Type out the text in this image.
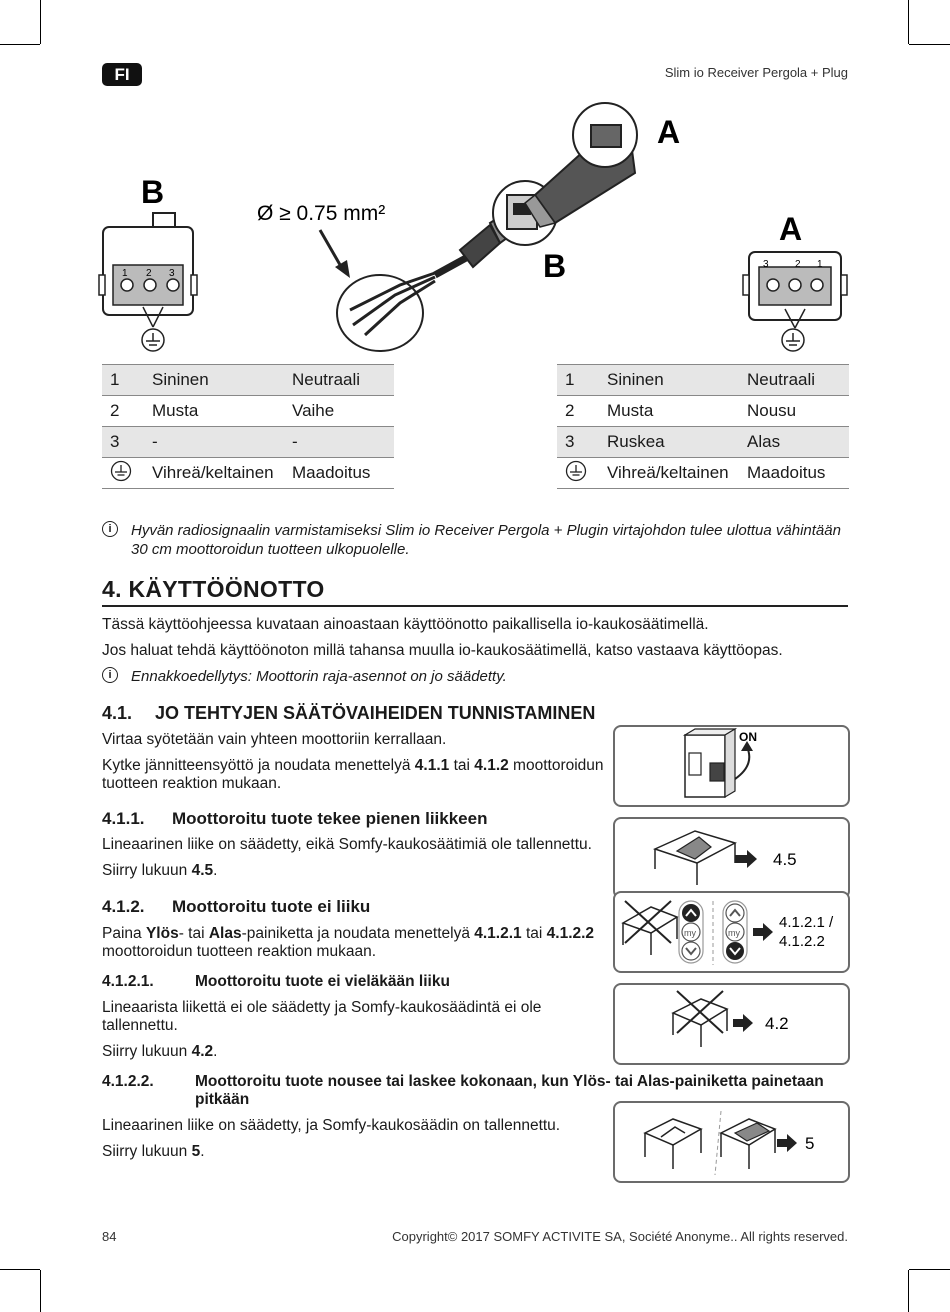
FI	Slim io Receiver Pergola + Plug
B
1 2 3
Ø ≥ 0.75 mm²
B
A
A
3	2 1
1	Sininen	Neutraali
2	Musta	Vaihe
3	-	-
	Vihreä/keltainen	Maadoitus
1	Sininen	Neutraali
2	Musta	Nousu
3	Ruskea	Alas
	Vihreä/keltainen	Maadoitus
i	Hyvän radiosignaalin varmistamiseksi Slim io Receiver Pergola + Plugin virtajohdon tulee ulottua vähintään
30 cm moottoroidun tuotteen ulkopuolelle.
4. KÄYTTÖÖNOTTO
Tässä käyttöohjeessa kuvataan ainoastaan käyttöönotto paikallisella io-kaukosäätimellä.
Jos haluat tehdä käyttöönoton millä tahansa muulla io-kaukosäätimellä, katso vastaava käyttöopas.
i	Ennakkoedellytys: Moottorin raja-asennot on jo säädetty.
4.1. JO TEHTYJEN SÄÄTÖVAIHEIDEN TUNNISTAMINEN
Virtaa syötetään vain yhteen moottoriin kerrallaan.
Kytke jännitteensyöttö ja noudata menettelyä 4.1.1 tai 4.1.2 moottoroidun
tuotteen reaktion mukaan.
4.1.1. Moottoroitu tuote tekee pienen liikkeen
Lineaarinen liike on säädetty, eikä Somfy-kaukosäätimiä ole tallennettu.
Siirry lukuun 4.5.
4.1.2. Moottoroitu tuote ei liiku
Paina Ylös- tai Alas-painiketta ja noudata menettelyä 4.1.2.1 tai 4.1.2.2
moottoroidun tuotteen reaktion mukaan.
4.1.2.1.	Moottoroitu tuote ei vieläkään liiku
Lineaarista liikettä ei ole säädetty ja Somfy-kaukosäädintä ei ole
tallennettu.
Siirry lukuun 4.2.
4.1.2.2.	Moottoroitu tuote nousee tai laskee kokonaan, kun Ylös- tai Alas-painiketta painetaan
pitkään
Lineaarinen liike on säädetty, ja Somfy-kaukosäädin on tallennettu.
Siirry lukuun 5.
ON
4.5
my	my
4.1.2.1 /
4.1.2.2
4.2
5
84	Copyright© 2017 SOMFY ACTIVITE SA, Société Anonyme.. All rights reserved.
